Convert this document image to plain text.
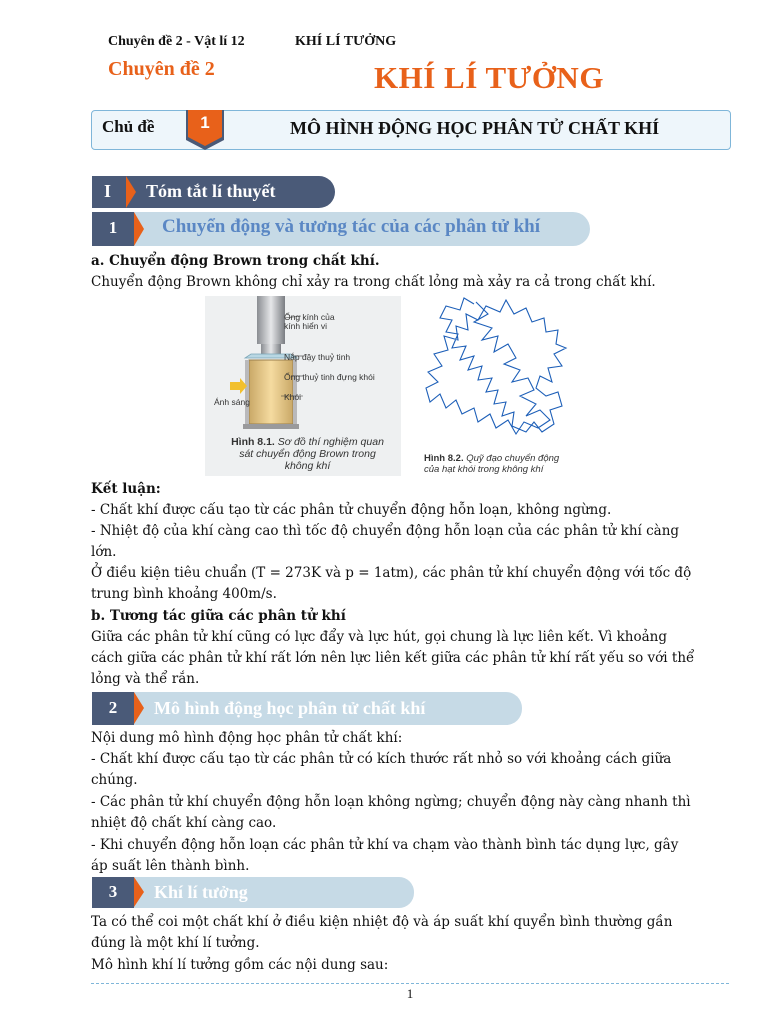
Chuyên đề 2 - Vật lí 12	KHÍ LÍ TƯỞNG
Chuyên đề 2	KHÍ LÍ TƯỞNG
Chủ đề	1	MÔ HÌNH ĐỘNG HỌC PHÂN TỬ CHẤT KHÍ
I Tóm tắt lí thuyết
1	Chuyển động và tương tác của các phân tử khí
a. Chuyển động Brown trong chất khí.
Chuyển động Brown không chỉ xảy ra trong chất lỏng mà xảy ra cả trong chất khí.
Ống kính của
kính hiển vi
Nắp đậy thuỷ tinh
Ống thuỷ tinh đựng khói
Khói
Ánh sáng
Hình 8.1. Sơ đồ thí nghiệm quan
sát chuyển động Brown trong
không khí
Hình 8.2. Quỹ đạo chuyển động
của hạt khói trong không khí
Kết luận:
- Chất khí được cấu tạo từ các phân tử chuyển động hỗn loạn, không ngừng.
- Nhiệt độ của khí càng cao thì tốc độ chuyển động hỗn loạn của các phân tử khí càng
lớn.
Ở điều kiện tiêu chuẩn (T = 273K và p = 1atm), các phân tử khí chuyển động với tốc độ
trung bình khoảng 400m/s.
b. Tương tác giữa các phân tử khí
Giữa các phân tử khí cũng có lực đẩy và lực hút, gọi chung là lực liên kết. Vì khoảng
cách giữa các phân tử khí rất lớn nên lực liên kết giữa các phân tử khí rất yếu so với thể
lỏng và thể rắn.
2	Mô hình động học phân tử chất khí
Nội dung mô hình động học phân tử chất khí:
- Chất khí được cấu tạo từ các phân tử có kích thước rất nhỏ so với khoảng cách giữa
chúng.
- Các phân tử khí chuyển động hỗn loạn không ngừng; chuyển động này càng nhanh thì
nhiệt độ chất khí càng cao.
- Khi chuyển động hỗn loạn các phân tử khí va chạm vào thành bình tác dụng lực, gây
áp suất lên thành bình.
3	Khí lí tưởng
Ta có thể coi một chất khí ở điều kiện nhiệt độ và áp suất khí quyển bình thường gần
đúng là một khí lí tưởng.
Mô hình khí lí tưởng gồm các nội dung sau:
1
